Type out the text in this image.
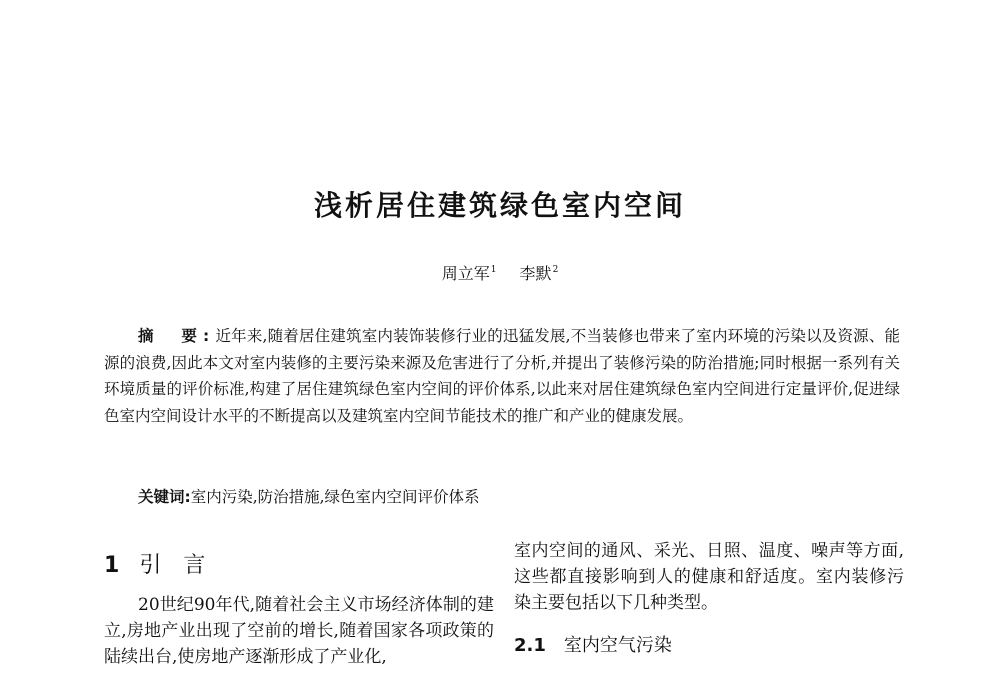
浅析居住建筑绿色室内空间
周立军$^1$ 李默$^2$
摘　要:近年来,随着居住建筑室内装饰装修行业的迅猛发展,不当装修也带来了室内环境的污染以及资源、能源的浪费,因此本文对室内装修的主要污染来源及危害进行了分析,并提出了装修污染的防治措施;同时根据一系列有关环境质量的评价标准,构建了居住建筑绿色室内空间的评价体系,以此来对居住建筑绿色室内空间进行定量评价,促进绿色室内空间设计水平的不断提高以及建筑室内空间节能技术的推广和产业的健康发展。
关键词:室内污染,防治措施,绿色室内空间评价体系
1 引言

20世纪90年代,随着社会主义市场经济体制的建立,房地产业出现了空前的增长,随着国家各项政策的陆续出台,使房地产逐渐形成了产业化,

室内空间的通风、采光、日照、温度、噪声等方面,这些都直接影响到人的健康和舒适度。室内装修污染主要包括以下几种类型。

2.1 室内空气污染
